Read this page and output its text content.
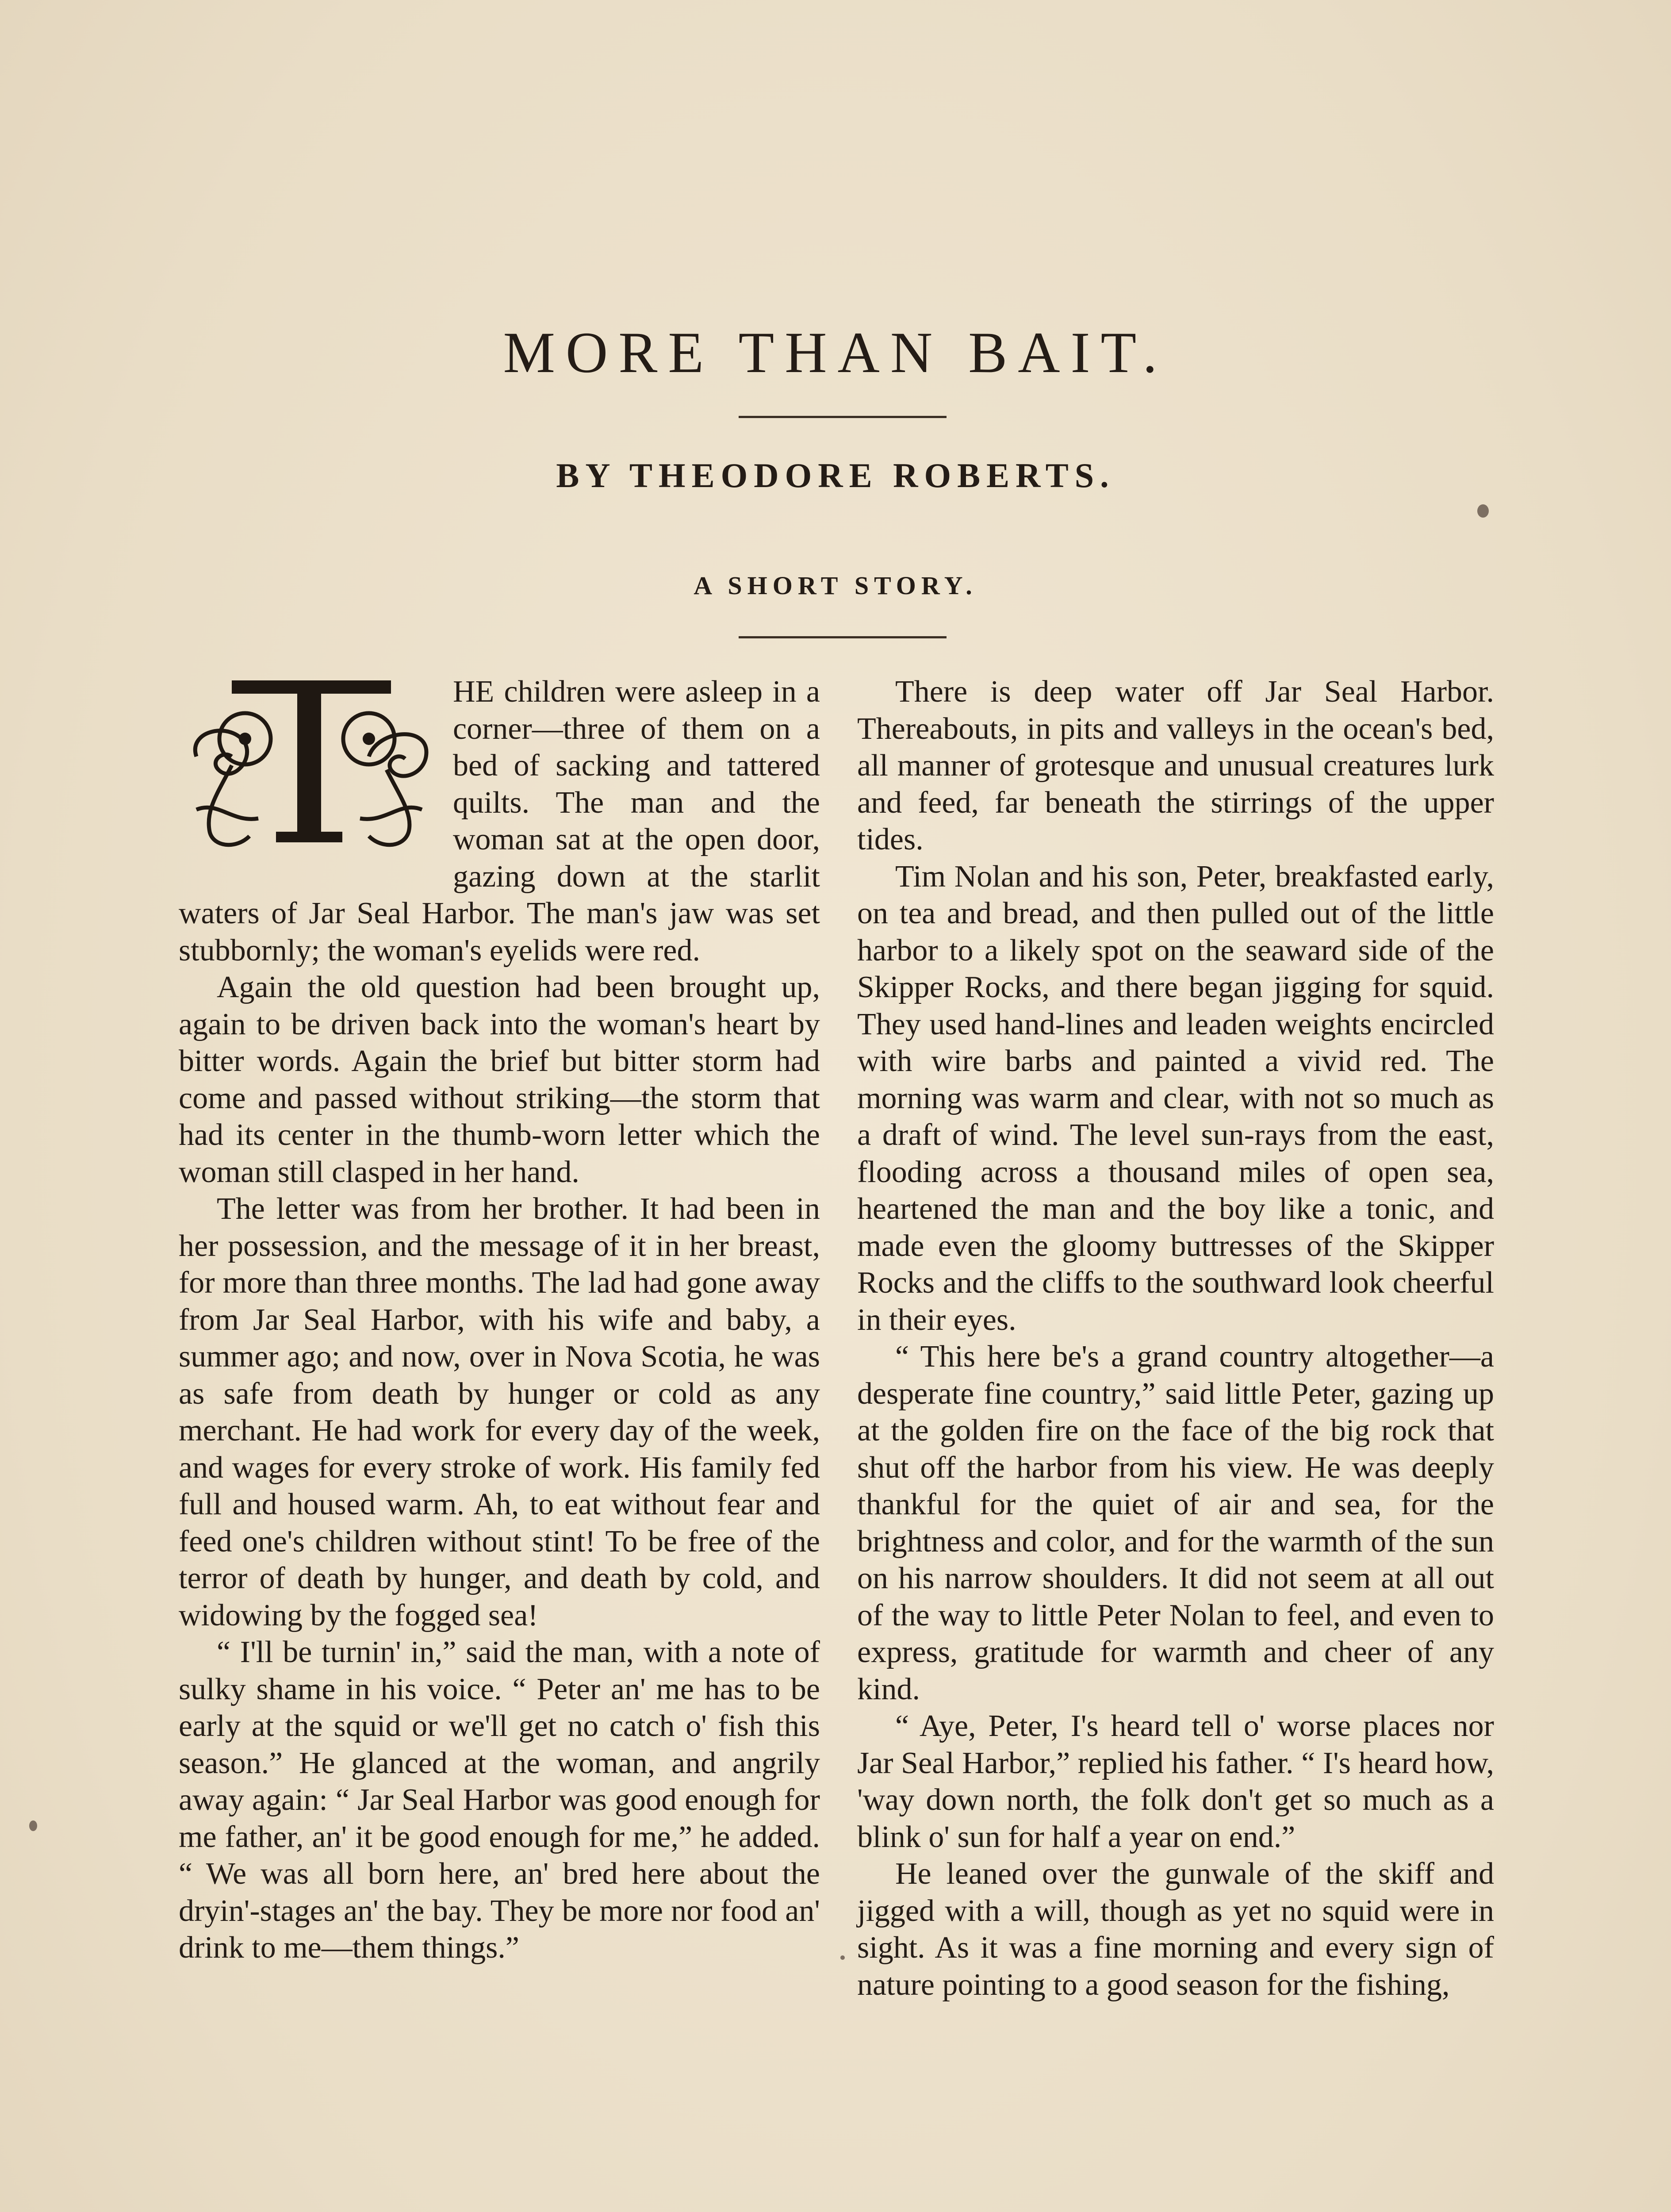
MORE THAN BAIT.
BY THEODORE ROBERTS.
A SHORT STORY.
T

HE children were asleep in a corner—three of them on a bed of sacking and tattered quilts. The man and the woman sat at the open door, gazing down at the starlit waters of Jar Seal Harbor. The man's jaw was set stubbornly; the woman's eyelids were red.

Again the old question had been brought up, again to be driven back into the woman's heart by bitter words. Again the brief but bitter storm had come and passed without striking—the storm that had its center in the thumb-worn letter which the woman still clasped in her hand.

The letter was from her brother. It had been in her possession, and the message of it in her breast, for more than three months. The lad had gone away from Jar Seal Harbor, with his wife and baby, a summer ago; and now, over in Nova Scotia, he was as safe from death by hunger or cold as any merchant. He had work for every day of the week, and wages for every stroke of work. His family fed full and housed warm. Ah, to eat without fear and feed one's children without stint! To be free of the terror of death by hunger, and death by cold, and widowing by the fogged sea!

“ I'll be turnin' in,” said the man, with a note of sulky shame in his voice. “ Peter an' me has to be early at the squid or we'll get no catch o' fish this season.” He glanced at the woman, and angrily away again: “ Jar Seal Harbor was good enough for me father, an' it be good enough for me,” he added. “ We was all born here, an' bred here about the dryin'-stages an' the bay. They be more nor food an' drink to me—them things.”

There is deep water off Jar Seal Harbor. Thereabouts, in pits and valleys in the ocean's bed, all manner of grotesque and unusual creatures lurk and feed, far beneath the stirrings of the upper tides.

Tim Nolan and his son, Peter, breakfasted early, on tea and bread, and then pulled out of the little harbor to a likely spot on the seaward side of the Skipper Rocks, and there began jigging for squid. They used hand-lines and leaden weights encircled with wire barbs and painted a vivid red. The morning was warm and clear, with not so much as a draft of wind. The level sun-rays from the east, flooding across a thousand miles of open sea, heartened the man and the boy like a tonic, and made even the gloomy buttresses of the Skipper Rocks and the cliffs to the southward look cheerful in their eyes.

“ This here be's a grand country altogether—a desperate fine country,” said little Peter, gazing up at the golden fire on the face of the big rock that shut off the harbor from his view. He was deeply thankful for the quiet of air and sea, for the brightness and color, and for the warmth of the sun on his narrow shoulders. It did not seem at all out of the way to little Peter Nolan to feel, and even to express, gratitude for warmth and cheer of any kind.

“ Aye, Peter, I's heard tell o' worse places nor Jar Seal Harbor,” replied his father. “ I's heard how, 'way down north, the folk don't get so much as a blink o' sun for half a year on end.”

He leaned over the gunwale of the skiff and jigged with a will, though as yet no squid were in sight. As it was a fine morning and every sign of nature pointing to a good season for the fishing,
